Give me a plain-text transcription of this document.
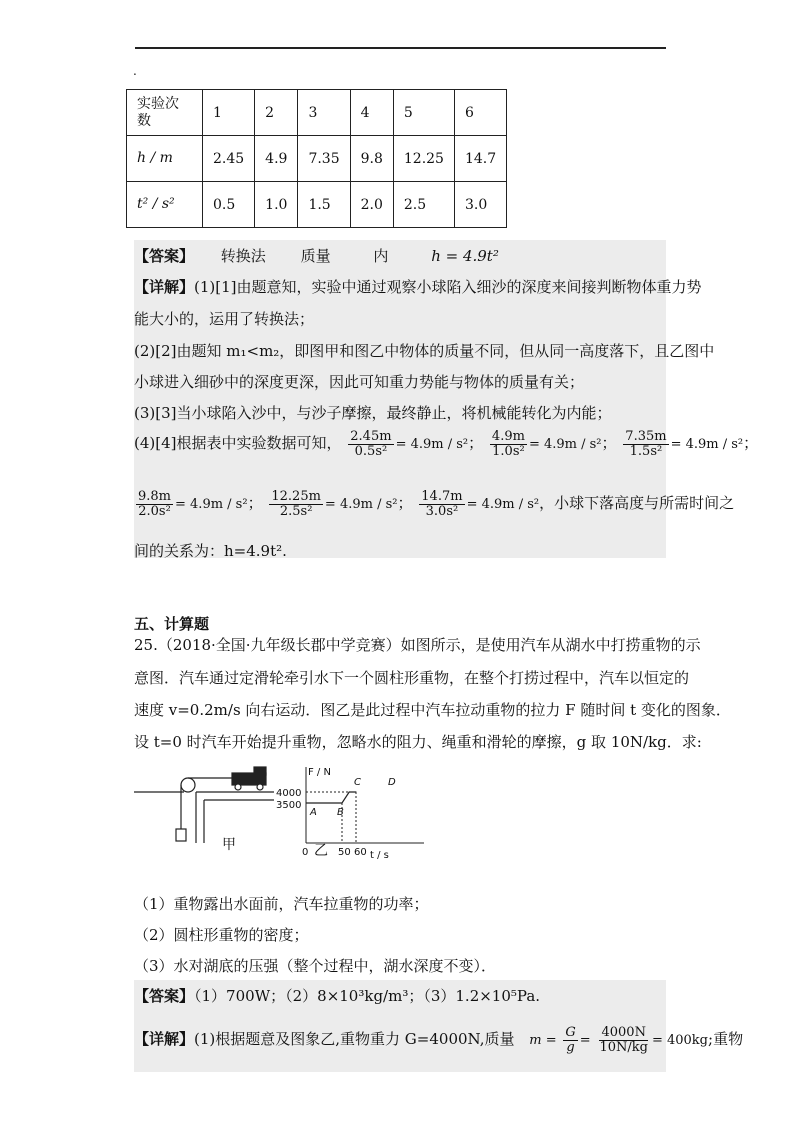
.
实验次数	1	2	3	4	5	6
h / m	2.45	4.9	7.35	9.8	12.25	14.7
t² / s²	0.5	1.0	1.5	2.0	2.5	3.0
【答案】 转换法 质量	内	h = 4.9t²
【详解】(1)[1]由题意知，实验中通过观察小球陷入细沙的深度来间接判断物体重力势
能大小的，运用了转换法；
(2)[2]由题知 m₁<m₂，即图甲和图乙中物体的质量不同，但从同一高度落下，且乙图中
小球进入细砂中的深度更深，因此可知重力势能与物体的质量有关；
(3)[3]当小球陷入沙中，与沙子摩擦，最终静止，将机械能转化为内能；
(4)[4]根据表中实验数据可知， $\frac{2.45m}{\text{0.5s²}} = 4.9m / s^2$； $\frac{4.9m}{\text{1.0s²}} = 4.9m / s^2$； $\frac{7.35m}{\text{1.5s²}} = 4.9m / s^2$；
$\frac{9.8m}{\text{2.0s²}} = 4.9m / s^2$； $\frac{12.25m}{\text{2.5s²}} = 4.9m / s^2$； $\frac{14.7m}{\text{3.0s²}} = 4.9m / s^2$，小球下落高度与所需时间之
间的关系为：h=4.9t².
五、计算题
25.（2018·全国·九年级长郡中学竞赛）如图所示，是使用汽车从湖水中打捞重物的示
意图．汽车通过定滑轮牵引水下一个圆柱形重物，在整个打捞过程中，汽车以恒定的
速度 v=0.2m/s 向右运动．图乙是此过程中汽车拉动重物的拉力 F 随时间 t 变化的图象．
设 t=0 时汽车开始提升重物，忽略水的阻力、绳重和滑轮的摩擦，g 取 10N/kg．求:
甲
F / N
t / s
4000
3500
0	50 60
A B
C	D
乙
（1）重物露出水面前，汽车拉重物的功率；
（2）圆柱形重物的密度；
（3）水对湖底的压强（整个过程中，湖水深度不变）．
【答案】（1）700W；（2）8×10³kg/m³；（3）1.2×10⁵Pa.
【详解】(1)根据题意及图象乙,重物重力 G=4000N,质量 $m = \frac{G}{g} = \frac{4000N}{10N/kg} = 400kg$;重物
